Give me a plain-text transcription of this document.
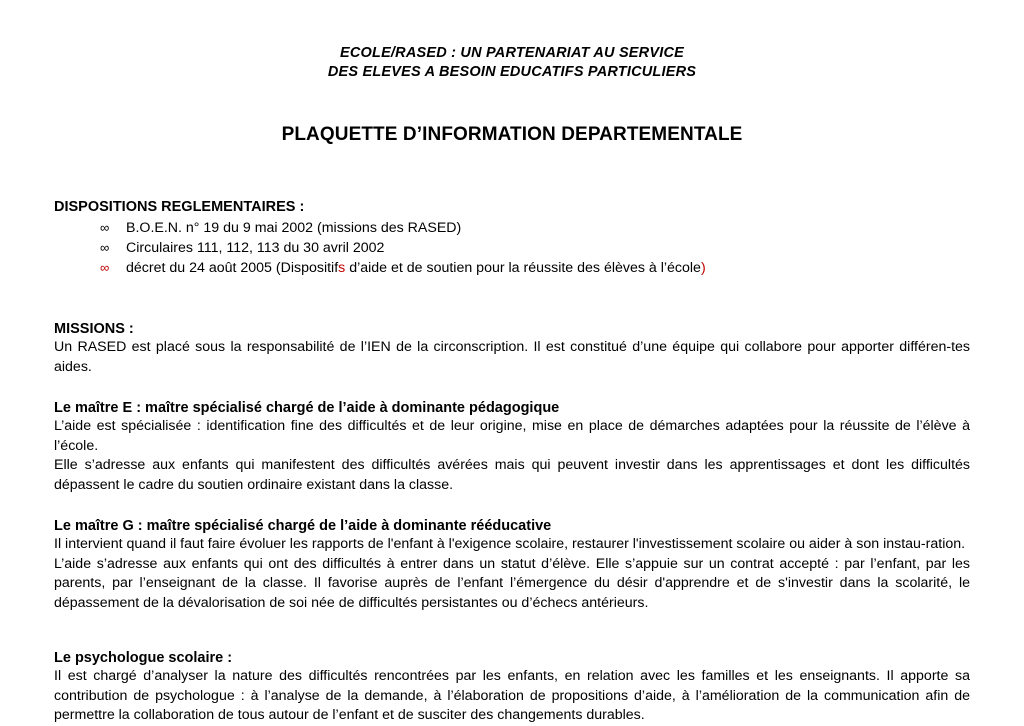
ECOLE/RASED : UN PARTENARIAT AU SERVICE
DES ELEVES A BESOIN EDUCATIFS PARTICULIERS
PLAQUETTE D’INFORMATION DEPARTEMENTALE
DISPOSITIONS REGLEMENTAIRES :
∞ B.O.E.N. n° 19 du 9 mai 2002 (missions des RASED)
∞ Circulaires 111, 112, 113 du 30 avril 2002
∞ décret du 24 août 2005 (Dispositifs d’aide et de soutien pour la réussite des élèves à l’école)
MISSIONS :

Un RASED est placé sous la responsabilité de l’IEN de la circonscription. Il est constitué d’une équipe qui collabore pour apporter différen-tes aides.

Le maître E : maître spécialisé chargé de l’aide à dominante pédagogique

L’aide est spécialisée : identification fine des difficultés et de leur origine, mise en place de démarches adaptées pour la réussite de l’élève à l’école.

Elle s’adresse aux enfants qui manifestent des difficultés avérées mais qui peuvent investir dans les apprentissages et dont les difficultés dépassent le cadre du soutien ordinaire existant dans la classe.

Le maître G : maître spécialisé chargé de l’aide à dominante rééducative

Il intervient quand il faut faire évoluer les rapports de l'enfant à l'exigence scolaire, restaurer l'investissement scolaire ou aider à son instau-ration.

L’aide s’adresse aux enfants qui ont des difficultés à entrer dans un statut d’élève. Elle s’appuie sur un contrat accepté : par l’enfant, par les parents, par l’enseignant de la classe. Il favorise auprès de l’enfant l’émergence du désir d'apprendre et de s'investir dans la scolarité, le dépassement de la dévalorisation de soi née de difficultés persistantes ou d’échecs antérieurs.

Le psychologue scolaire :

Il est chargé d’analyser la nature des difficultés rencontrées par les enfants, en relation avec les familles et les enseignants. Il apporte sa contribution de psychologue : à l’analyse de la demande, à l’élaboration de propositions d’aide, à l’amélioration de la communication afin de permettre la collaboration de tous autour de l’enfant et de susciter des changements durables.
